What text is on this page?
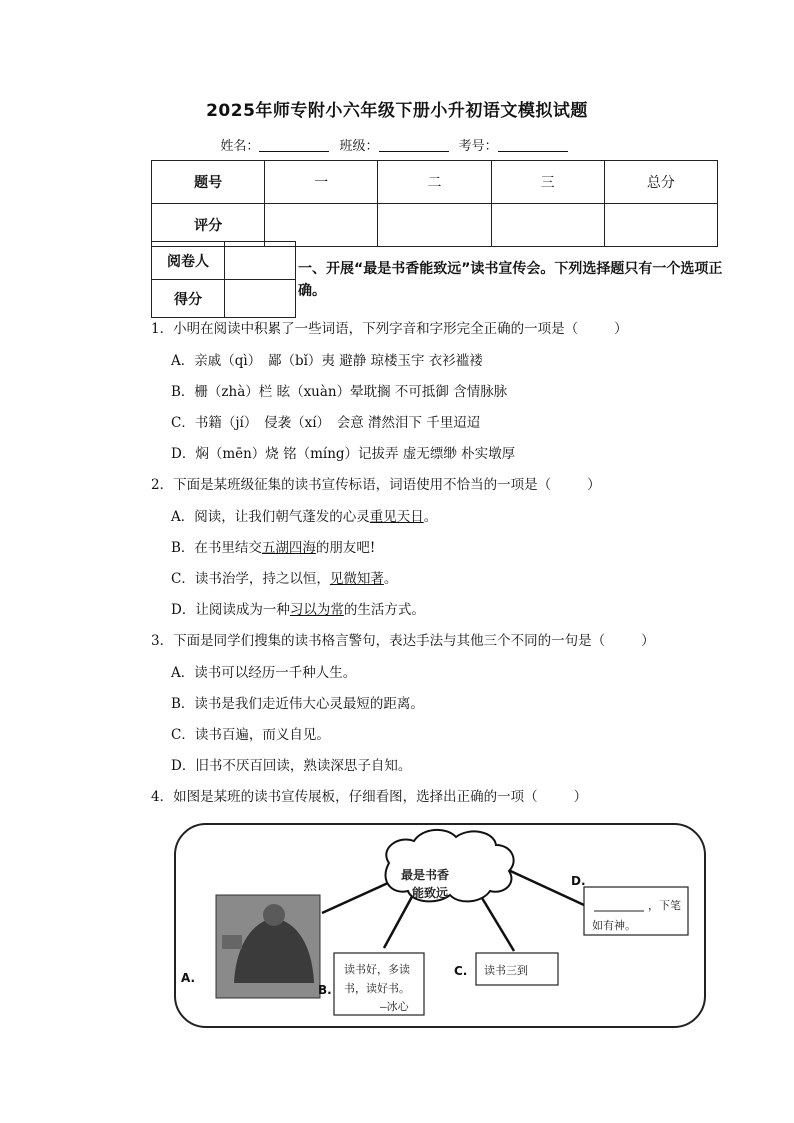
2025年师专附小六年级下册小升初语文模拟试题
姓名：	班级：	考号：
题号	一	二	三	总分
评分				
阅卷人	
得分	
一、开展“最是书香能致远”读书宣传会。下列选择题只有一个选项正确。
1．小明在阅读中积累了一些词语，下列字音和字形完全正确的一项是（	）
A．亲戚（qì）　鄙（bǐ）夷 避静 琼楼玉宇 衣衫褴褛
B．栅（zhà）栏 眩（xuàn）晕耽搁 不可抵御 含情脉脉
C．书籍（jí）　侵袭（xí）　会意 潸然泪下 千里迢迢
D．焖（mēn）烧 铭（míng）记拔弄 虚无缥缈 朴实墩厚
2．下面是某班级征集的读书宣传标语，词语使用不恰当的一项是（	）
A．阅读，让我们朝气蓬发的心灵重见天日。
B．在书里结交五湖四海的朋友吧!
C．读书治学，持之以恒，见微知著。
D．让阅读成为一种习以为常的生活方式。
3．下面是同学们搜集的读书格言警句，表达手法与其他三个不同的一句是（	）
A．读书可以经历一千种人生。
B．读书是我们走近伟大心灵最短的距离。
C．读书百遍，而义自见。
D．旧书不厌百回读，熟读深思子自知。
4．如图是某班的读书宣传展板，仔细看图，选择出正确的一项（	）
最是书香
能致远
A.
B.
C.
D.
读书好，多读
书，读好书。
—冰心
读书三到
，下笔
如有神。
